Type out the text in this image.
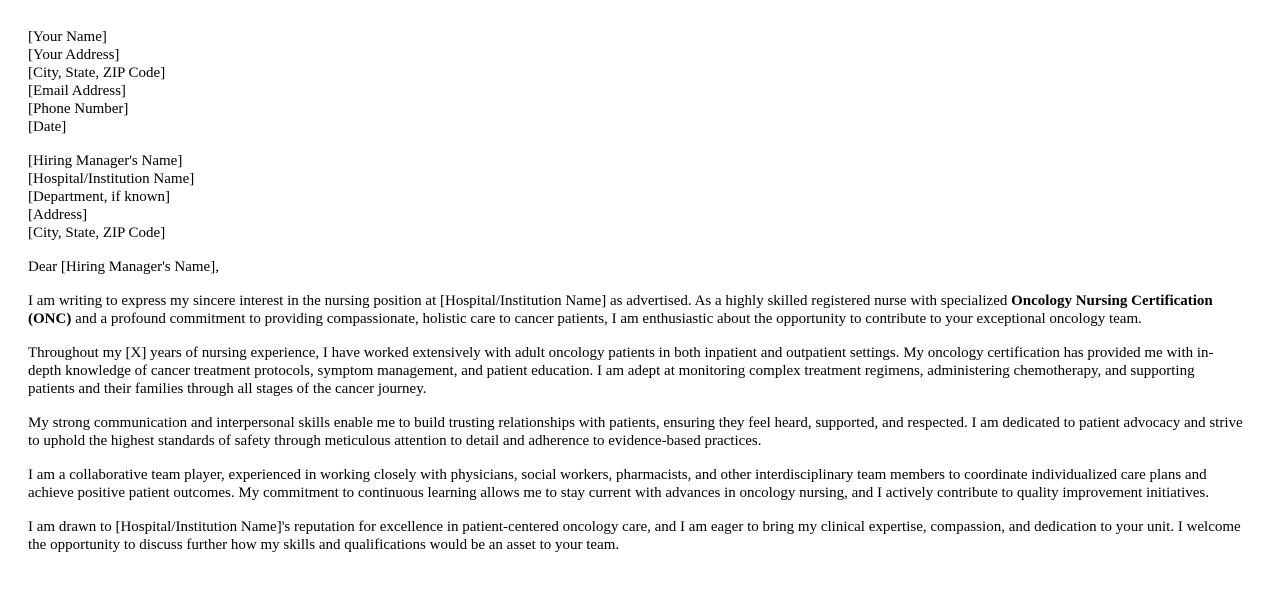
[Your Name]
[Your Address]
[City, State, ZIP Code]
[Email Address]
[Phone Number]
[Date]
[Hiring Manager's Name]
[Hospital/Institution Name]
[Department, if known]
[Address]
[City, State, ZIP Code]

Dear [Hiring Manager's Name],

I am writing to express my sincere interest in the nursing position at [Hospital/Institution Name] as advertised. As a highly skilled registered nurse with specialized Oncology Nursing Certification (ONC) and a profound commitment to providing compassionate, holistic care to cancer patients, I am enthusiastic about the opportunity to contribute to your exceptional oncology team.

Throughout my [X] years of nursing experience, I have worked extensively with adult oncology patients in both inpatient and outpatient settings. My oncology certification has provided me with in-depth knowledge of cancer treatment protocols, symptom management, and patient education. I am adept at monitoring complex treatment regimens, administering chemotherapy, and supporting patients and their families through all stages of the cancer journey.

My strong communication and interpersonal skills enable me to build trusting relationships with patients, ensuring they feel heard, supported, and respected. I am dedicated to patient advocacy and strive to uphold the highest standards of safety through meticulous attention to detail and adherence to evidence-based practices.

I am a collaborative team player, experienced in working closely with physicians, social workers, pharmacists, and other interdisciplinary team members to coordinate individualized care plans and achieve positive patient outcomes. My commitment to continuous learning allows me to stay current with advances in oncology nursing, and I actively contribute to quality improvement initiatives.

I am drawn to [Hospital/Institution Name]'s reputation for excellence in patient-centered oncology care, and I am eager to bring my clinical expertise, compassion, and dedication to your unit. I welcome the opportunity to discuss further how my skills and qualifications would be an asset to your team.
